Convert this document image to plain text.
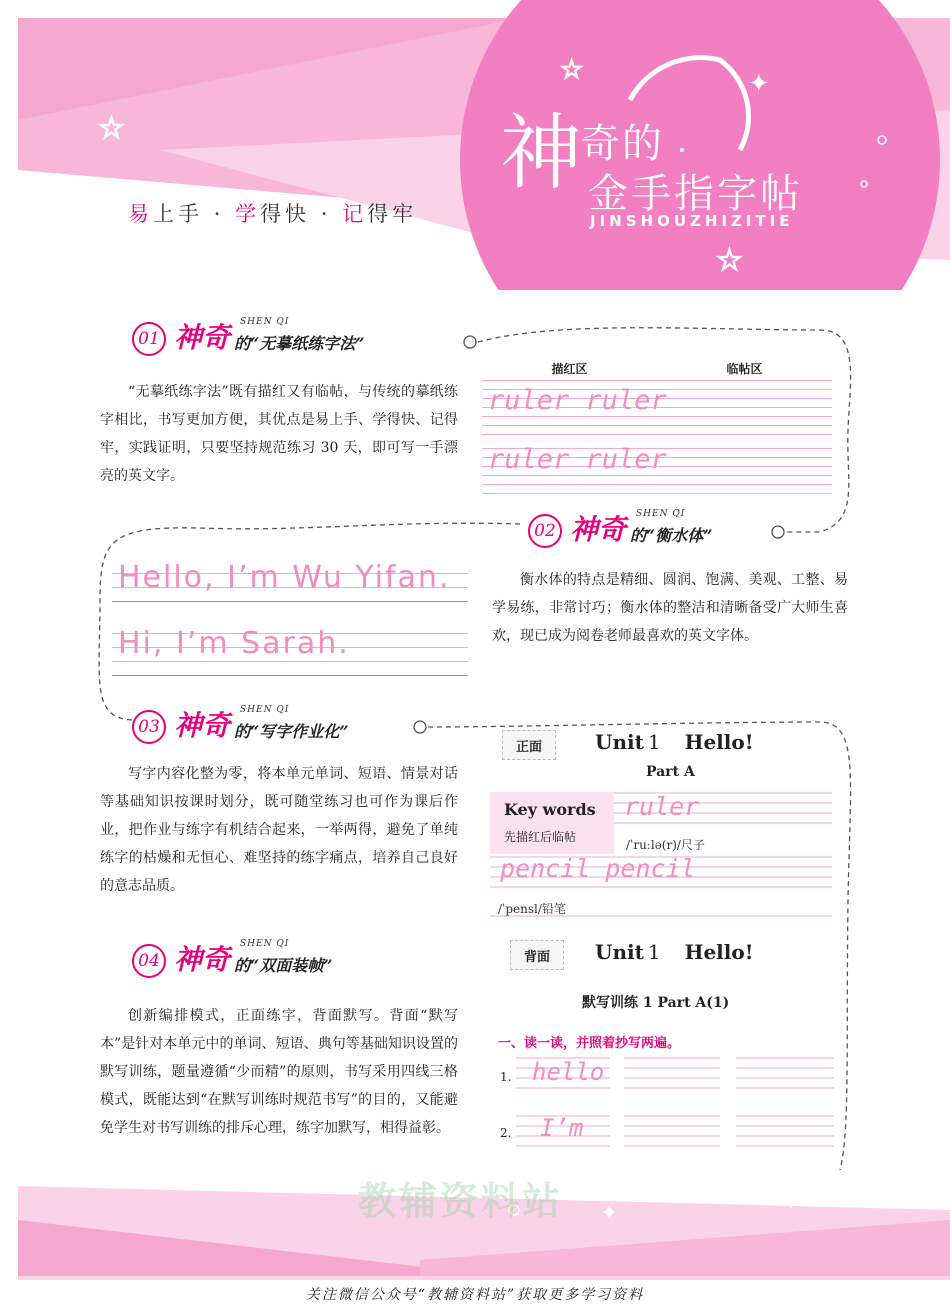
✦
☆
☆
☆
神
奇的
金手指字帖
JINSHOUZHIZITIE
易上手 · 学得快 · 记得牢
01 神奇 SHEN QI
的“无摹纸练字法”
“无摹纸练字法”既有描红又有临帖，与传统的摹纸练字相比，书写更加方便，其优点是易上手、学得快、记得牢，实践证明，只要坚持规范练习 30 天，即可写一手漂亮的英文字。
描红区	临帖区
ruler ruler
ruler ruler
02 神奇 SHEN QI
的“衡水体”
衡水体的特点是精细、圆润、饱满、美观、工整、易学易练，非常讨巧；衡水体的整洁和清晰备受广大师生喜欢，现已成为阅卷老师最喜欢的英文字体。
Hello, I’m Wu Yifan.
Hi, I’m Sarah.
03 神奇 SHEN QI
的“写字作业化”
写字内容化整为零，将本单元单词、短语、情景对话等基础知识按课时划分，既可随堂练习也可作为课后作业，把作业与练字有机结合起来，一举两得，避免了单纯练字的枯燥和无恒心、难坚持的练字痛点，培养自己良好的意志品质。
正面	Unit 1 Hello!
Part A
Key words
先描红后临帖
ruler
/ˈruːlə(r)/尺子
pencil pencil
/ˈpensl/铅笔
04 神奇 SHEN QI
的“双面装帧”
创新编排模式，正面练字，背面默写。背面“默写本”是针对本单元中的单词、短语、典句等基础知识设置的默写训练，题量遵循“少而精”的原则，书写采用四线三格模式，既能达到“在默写训练时规范书写”的目的，又能避免学生对书写训练的排斥心理，练字加默写，相得益彰。
背面	Unit 1 Hello!
默写训练 1 Part A(1)
一、读一读，并照着抄写两遍。
1. hello
2. I’m
✦
✦
教辅资料站
关注微信公众号“教辅资料站”获取更多学习资料
